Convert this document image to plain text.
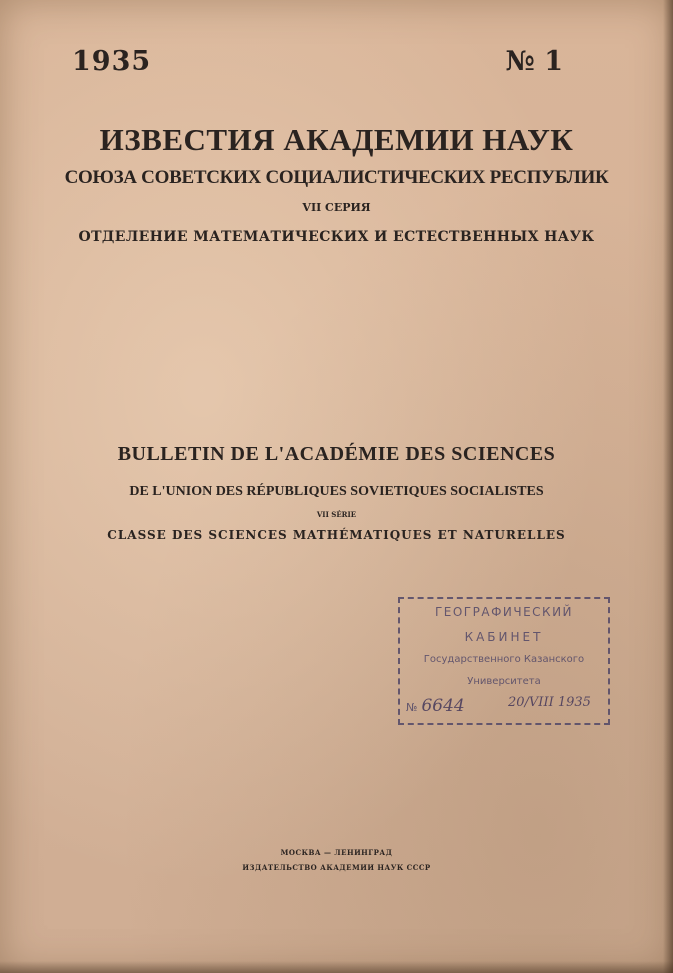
1935	№ 1
ИЗВЕСТИЯ АКАДЕМИИ НАУК
СОЮЗА СОВЕТСКИХ СОЦИАЛИСТИЧЕСКИХ РЕСПУБЛИК
VII СЕРИЯ
ОТДЕЛЕНИЕ МАТЕМАТИЧЕСКИХ И ЕСТЕСТВЕННЫХ НАУК
BULLETIN DE L'ACADÉMIE DES SCIENCES
DE L'UNION DES RÉPUBLIQUES SOVIETIQUES SOCIALISTES
VII SÉRIE
CLASSE DES SCIENCES MATHÉMATIQUES ET NATURELLES
ГЕОГРАФИЧЕСКИЙ
КАБИНЕТ
Государственного Казанского
Университета
№ 6644	20/VIII 1935
МОСКВА — ЛЕНИНГРАД
ИЗДАТЕЛЬСТВО АКАДЕМИИ НАУК СССР
